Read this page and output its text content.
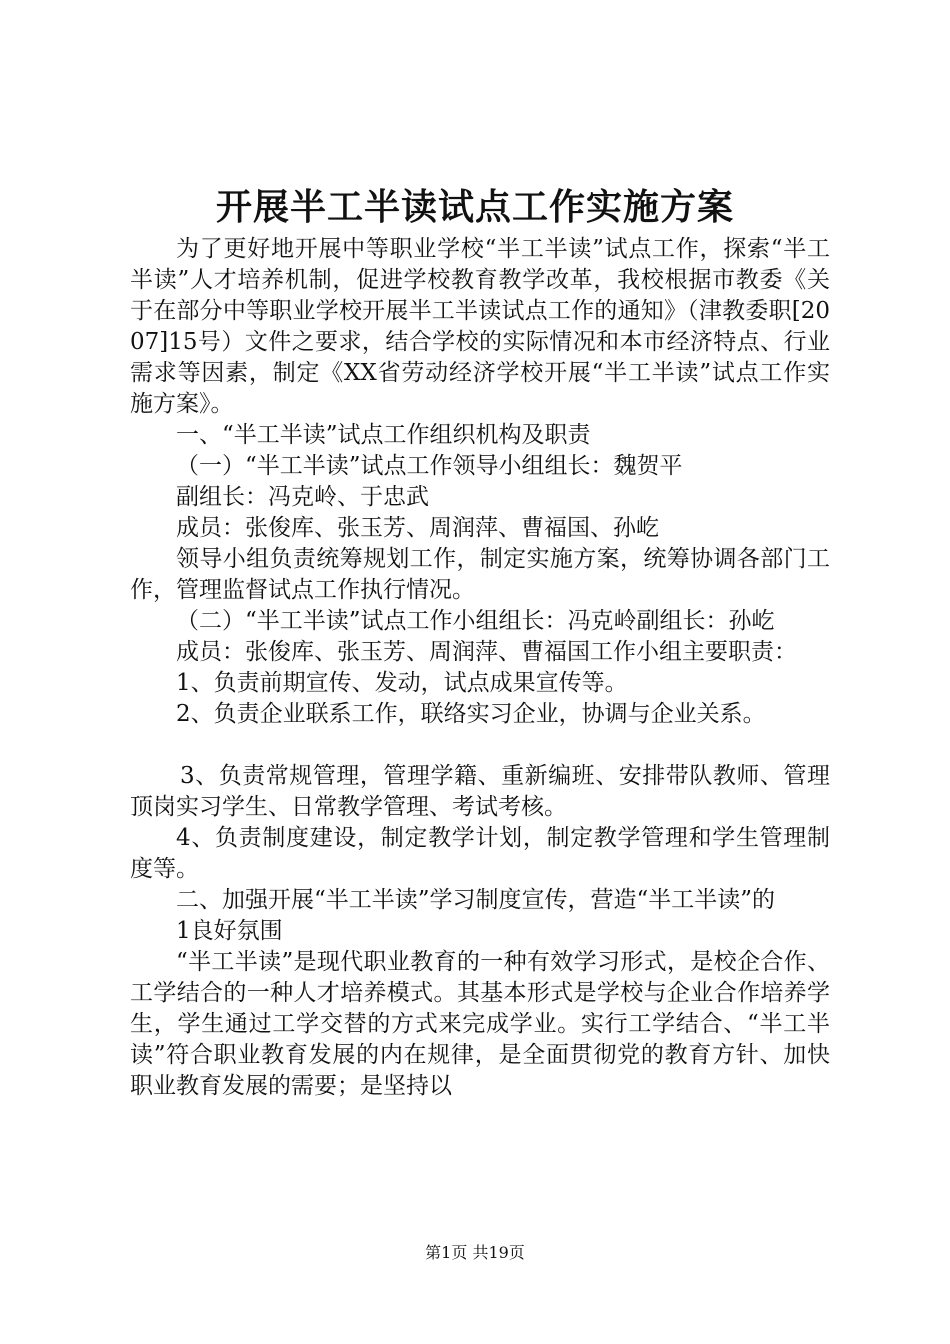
开展半工半读试点工作实施方案

为了更好地开展中等职业学校“半工半读”试点工作，探索“半工半读”人才培养机制，促进学校教育教学改革，我校根据市教委《关于在部分中等职业学校开展半工半读试点工作的通知》（津教委职[2007]15号）文件之要求，结合学校的实际情况和本市经济特点、行业需求等因素，制定《XX省劳动经济学校开展“半工半读”试点工作实施方案》。

一、“半工半读”试点工作组织机构及职责

（一）“半工半读”试点工作领导小组组长：魏贺平

副组长：冯克岭、于忠武

成员：张俊库、张玉芳、周润萍、曹福国、孙屹

领导小组负责统筹规划工作，制定实施方案，统筹协调各部门工作，管理监督试点工作执行情况。

（二）“半工半读”试点工作小组组长：冯克岭副组长：孙屹

成员：张俊库、张玉芳、周润萍、曹福国工作小组主要职责：

1、负责前期宣传、发动，试点成果宣传等。

2、负责企业联系工作，联络实习企业，协调与企业关系。

3、负责常规管理，管理学籍、重新编班、安排带队教师、管理顶岗实习学生、日常教学管理、考试考核。

4、负责制度建设，制定教学计划，制定教学管理和学生管理制度等。

二、加强开展“半工半读”学习制度宣传，营造“半工半读”的

1良好氛围

“半工半读”是现代职业教育的一种有效学习形式，是校企合作、工学结合的一种人才培养模式。其基本形式是学校与企业合作培养学生，学生通过工学交替的方式来完成学业。实行工学结合、“半工半读”符合职业教育发展的内在规律，是全面贯彻党的教育方针、加快职业教育发展的需要；是坚持以

第1页 共19页
